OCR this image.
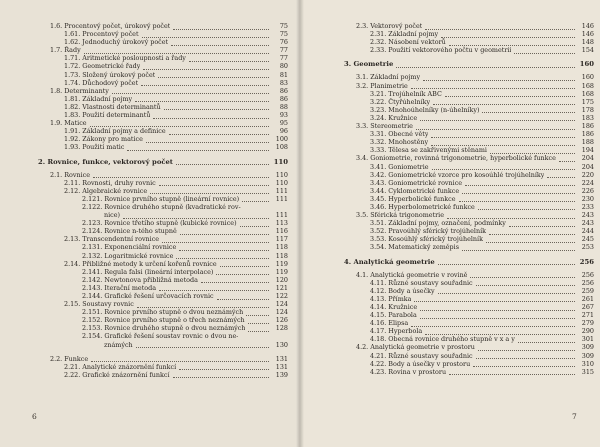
1.6. Procentový počet, úrokový počet	75
1.61. Procentový počet	75
1.62. Jednoduchý úrokový počet	76
1.7. Řady	77
1.71. Aritmetické posloupnosti a řady	77
1.72. Geometrické řady	80
1.73. Složený úrokový počet	81
1.74. Důchodový počet	83
1.8. Determinanty	86
1.81. Základní pojmy	86
1.82. Vlastnosti determinantů	88
1.83. Použití determinantů	93
1.9. Matice	95
1.91. Základní pojmy a definice	96
1.92. Zákony pro matice	100
1.93. Použití matic	108
2. Rovnice, funkce, vektorový počet	110
2.1. Rovnice	110
2.11. Rovnosti, druhy rovnic	110
2.12. Algebraické rovnice	111
2.121. Rovnice prvního stupně (lineární rovnice)	111
2.122. Rovnice druhého stupně (kvadratické rov-
nice)	111
2.123. Rovnice třetího stupně (kubické rovnice)	113
2.124. Rovnice n-tého stupně	116
2.13. Transcendentní rovnice	117
2.131. Exponenciální rovnice	118
2.132. Logaritmické rovnice	118
2.14. Přibližné metody k určení kořenů rovnice	119
2.141. Regula falsi (lineární interpolace)	119
2.142. Newtonova přibližná metoda	120
2.143. Iterační metoda	121
2.144. Grafické řešení určovacích rovnic	122
2.15. Soustavy rovnic	124
2.151. Rovnice prvního stupně o dvou neznámých	124
2.152. Rovnice prvního stupně o třech neznámých	126
2.153. Rovnice druhého stupně o dvou neznámých	128
2.154. Grafické řešení soustav rovnic o dvou ne-
známých	130
2.2. Funkce	131
2.21. Analytické znázornění funkcí	131
2.22. Grafické znázornění funkcí	139
6
2.3. Vektorový počet	146
2.31. Základní pojmy	146
2.32. Násobení vektorů	148
2.33. Použití vektorového počtu v geometrii	154
3. Geometrie	160
3.1. Základní pojmy	160
3.2. Planimetrie	168
3.21. Trojúhelník ABC	168
3.22. Čtyřúhelníky	175
3.23. Mnohoúhelníky (n-úhelníky)	178
3.24. Kružnice	183
3.3. Stereometrie	186
3.31. Obecné věty	186
3.32. Mnohostěny	188
3.33. Tělesa se zakřivenými stěnami	194
3.4. Goniometrie, rovinná trigonometrie, hyperbolické funkce	204
3.41. Goniometrie	204
3.42. Goniometrické vzorce pro kosoúhlé trojúhelníky	220
3.43. Goniometrické rovnice	224
3.44. Cyklometrické funkce	226
3.45. Hyperbolické funkce	230
3.46. Hyperbolometrické funkce	233
3.5. Sférická trigonometrie	243
3.51. Základní pojmy, označení, podmínky	243
3.52. Pravoúhlý sférický trojúhelník	244
3.53. Kosoúhlý sférický trojúhelník	245
3.54. Matematický zeměpis	253
4. Analytická geometrie	256
4.1. Analytická geometrie v rovině	256
4.11. Různé soustavy souřadnic	256
4.12. Body a úsečky	259
4.13. Přímka	261
4.14. Kružnice	267
4.15. Parabola	271
4.16. Elipsa	279
4.17. Hyperbola	290
4.18. Obecná rovnice druhého stupně v x a y	301
4.2. Analytická geometrie v prostoru	309
4.21. Různé soustavy souřadnic	309
4.22. Body a úsečky v prostoru	310
4.23. Rovina v prostoru	315
7
